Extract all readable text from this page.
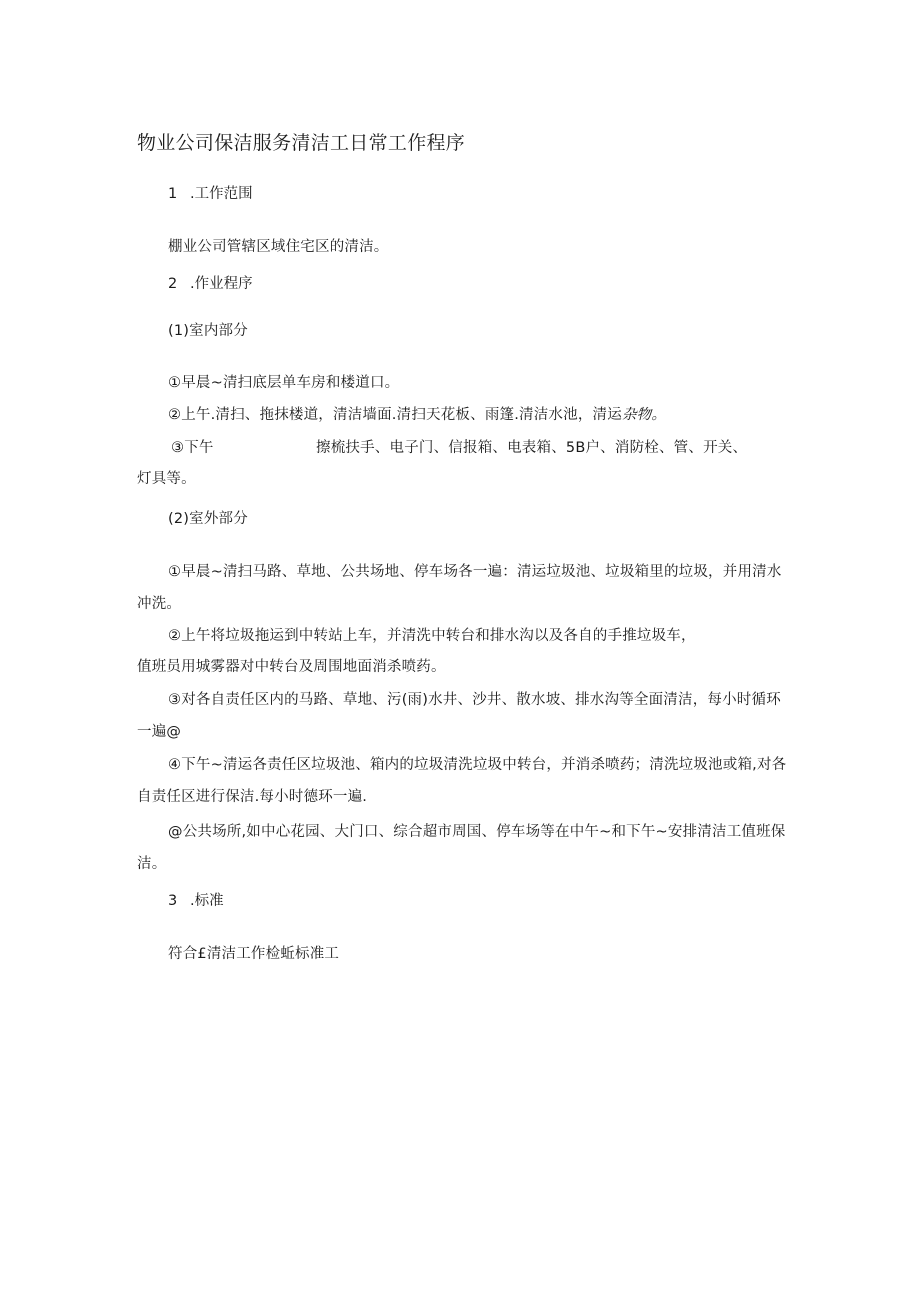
物业公司保洁服务清洁工日常工作程序
1 .工作范围
棚业公司管辖区域住宅区的清洁。
2 .作业程序
(1)室内部分
①早晨~清扫底层单车房和楼道口。
②上午.清扫、拖抹楼道，清洁墙面.清扫天花板、雨篷.清洁水池，清运杂物。
③下午	擦梳扶手、电子门、信报箱、电表箱、5B户、消防栓、管、开关、
灯具等。
(2)室外部分
①早晨~清扫马路、草地、公共场地、停车场各一遍：清运垃圾池、垃圾箱里的垃圾，并用清水
冲洗。
②上午将垃圾拖运到中转站上车，并清洗中转台和排水沟以及各自的手推垃圾车，
值班员用城雾器对中转台及周围地面消杀喷药。
③对各自责任区内的马路、草地、污(雨)水井、沙井、散水坡、排水沟等全面清洁，每小时循环
一遍@
④下午~清运各责任区垃圾池、箱内的垃圾清洗垃圾中转台，并消杀喷药；清洗垃圾池或箱,对各
自责任区进行保洁.每小时德环一遍.
@公共场所,如中心花园、大门口、综合超市周国、停车场等在中午~和下午~安排清洁工值班保
洁。
3 .标准
符合£清洁工作检蚯标准工
